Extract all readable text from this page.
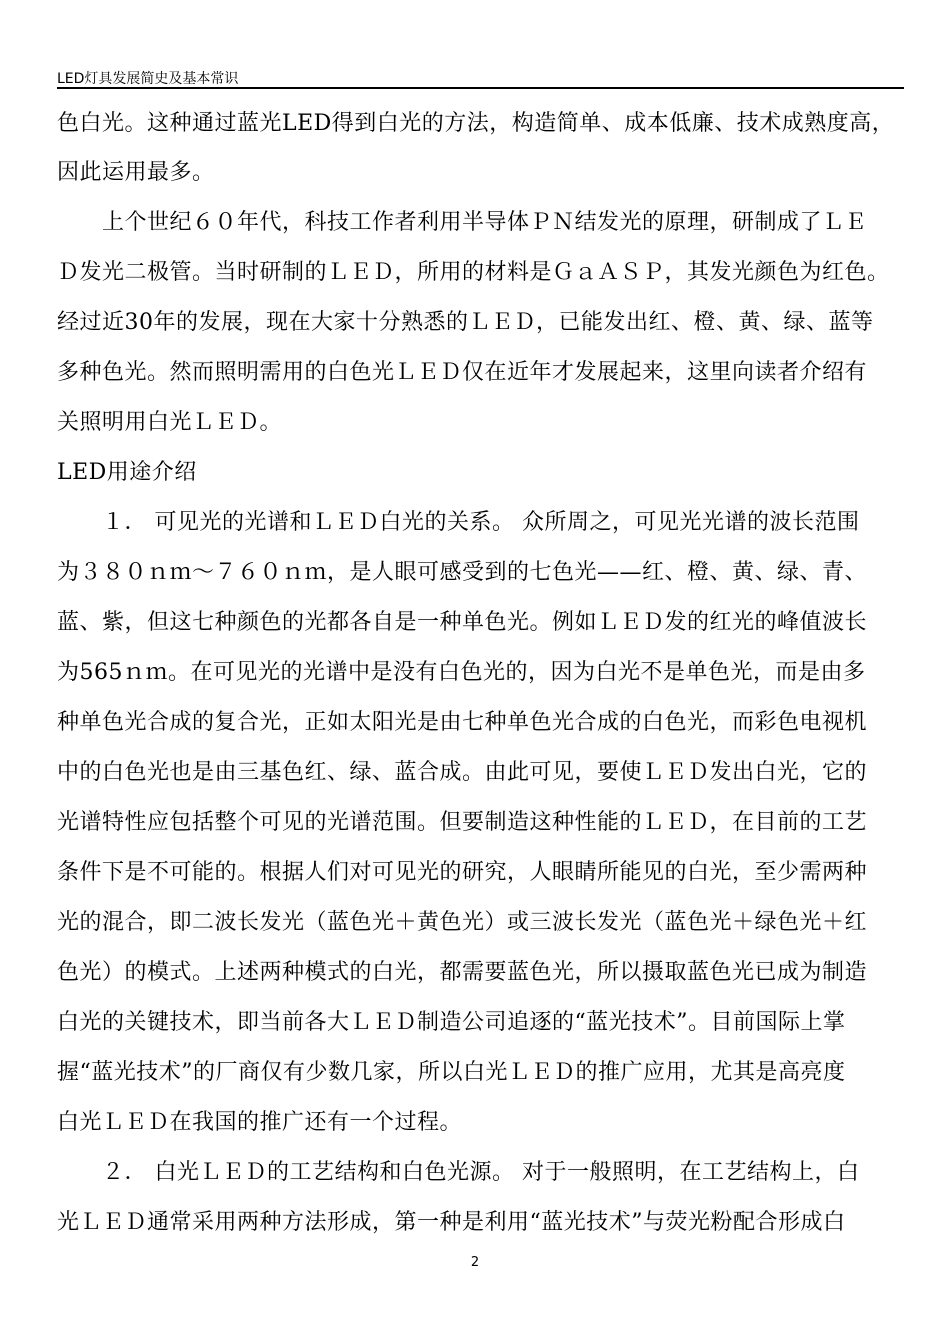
LED灯具发展简史及基本常识
色白光。这种通过蓝光LED得到白光的方法，构造简单、成本低廉、技术成熟度高，
因此运用最多。
上个世纪６０年代，科技工作者利用半导体ＰＮ结发光的原理，研制成了ＬＥ
Ｄ发光二极管。当时研制的ＬＥＤ，所用的材料是ＧａＡＳＰ，其发光颜色为红色。
经过近30年的发展，现在大家十分熟悉的ＬＥＤ，已能发出红、橙、黄、绿、蓝等
多种色光。然而照明需用的白色光ＬＥＤ仅在近年才发展起来，这里向读者介绍有
关照明用白光ＬＥＤ。
LED用途介绍
１． 可见光的光谱和ＬＥＤ白光的关系。 众所周之，可见光光谱的波长范围
为３８０ｎｍ～７６０ｎｍ，是人眼可感受到的七色光——红、橙、黄、绿、青、
蓝、紫，但这七种颜色的光都各自是一种单色光。例如ＬＥＤ发的红光的峰值波长
为565ｎｍ。在可见光的光谱中是没有白色光的，因为白光不是单色光，而是由多
种单色光合成的复合光，正如太阳光是由七种单色光合成的白色光，而彩色电视机
中的白色光也是由三基色红、绿、蓝合成。由此可见，要使ＬＥＤ发出白光，它的
光谱特性应包括整个可见的光谱范围。但要制造这种性能的ＬＥＤ，在目前的工艺
条件下是不可能的。根据人们对可见光的研究，人眼睛所能见的白光，至少需两种
光的混合，即二波长发光（蓝色光＋黄色光）或三波长发光（蓝色光＋绿色光＋红
色光）的模式。上述两种模式的白光，都需要蓝色光，所以摄取蓝色光已成为制造
白光的关键技术，即当前各大ＬＥＤ制造公司追逐的“蓝光技术”。目前国际上掌
握“蓝光技术”的厂商仅有少数几家，所以白光ＬＥＤ的推广应用，尤其是高亮度
白光ＬＥＤ在我国的推广还有一个过程。
２． 白光ＬＥＤ的工艺结构和白色光源。 对于一般照明，在工艺结构上，白
光ＬＥＤ通常采用两种方法形成，第一种是利用“蓝光技术”与荧光粉配合形成白
2
